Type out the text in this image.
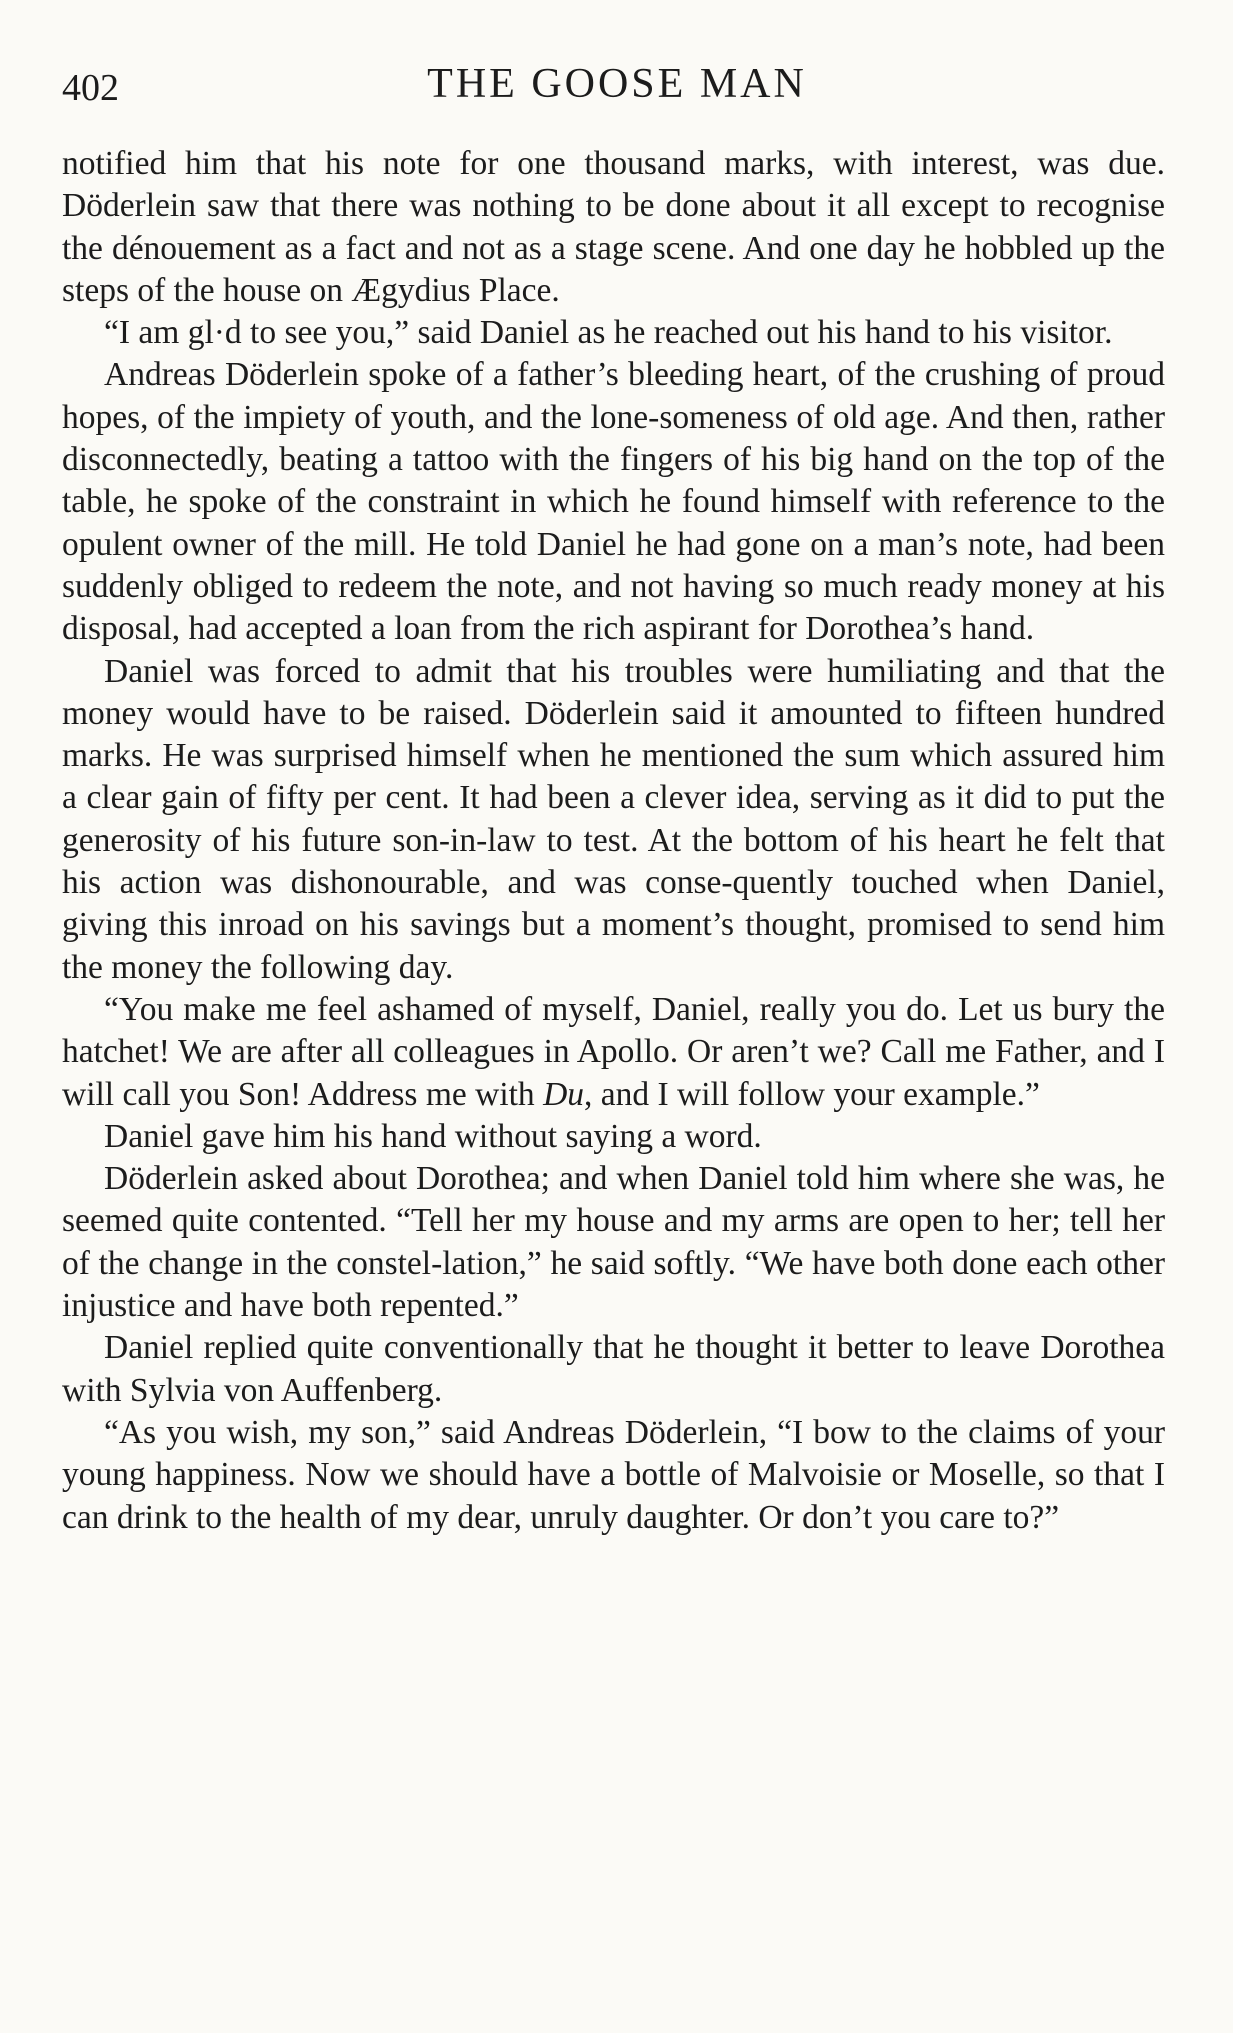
402	THE GOOSE MAN

notified him that his note for one thousand marks, with interest, was due. Döderlein saw that there was nothing to be done about it all except to recognise the dénouement as a fact and not as a stage scene. And one day he hobbled up the steps of the house on Ægydius Place.

“I am gl·d to see you,” said Daniel as he reached out his hand to his visitor.

Andreas Döderlein spoke of a father’s bleeding heart, of the crushing of proud hopes, of the impiety of youth, and the lone-someness of old age. And then, rather disconnectedly, beating a tattoo with the fingers of his big hand on the top of the table, he spoke of the constraint in which he found himself with reference to the opulent owner of the mill. He told Daniel he had gone on a man’s note, had been suddenly obliged to redeem the note, and not having so much ready money at his disposal, had accepted a loan from the rich aspirant for Dorothea’s hand.

Daniel was forced to admit that his troubles were humiliating and that the money would have to be raised. Döderlein said it amounted to fifteen hundred marks. He was surprised himself when he mentioned the sum which assured him a clear gain of fifty per cent. It had been a clever idea, serving as it did to put the generosity of his future son-in-law to test. At the bottom of his heart he felt that his action was dishonourable, and was conse-quently touched when Daniel, giving this inroad on his savings but a moment’s thought, promised to send him the money the following day.

“You make me feel ashamed of myself, Daniel, really you do. Let us bury the hatchet! We are after all colleagues in Apollo. Or aren’t we? Call me Father, and I will call you Son! Address me with Du, and I will follow your example.”

Daniel gave him his hand without saying a word.

Döderlein asked about Dorothea; and when Daniel told him where she was, he seemed quite contented. “Tell her my house and my arms are open to her; tell her of the change in the constel-lation,” he said softly. “We have both done each other injustice and have both repented.”

Daniel replied quite conventionally that he thought it better to leave Dorothea with Sylvia von Auffenberg.

“As you wish, my son,” said Andreas Döderlein, “I bow to the claims of your young happiness. Now we should have a bottle of Malvoisie or Moselle, so that I can drink to the health of my dear, unruly daughter. Or don’t you care to?”
